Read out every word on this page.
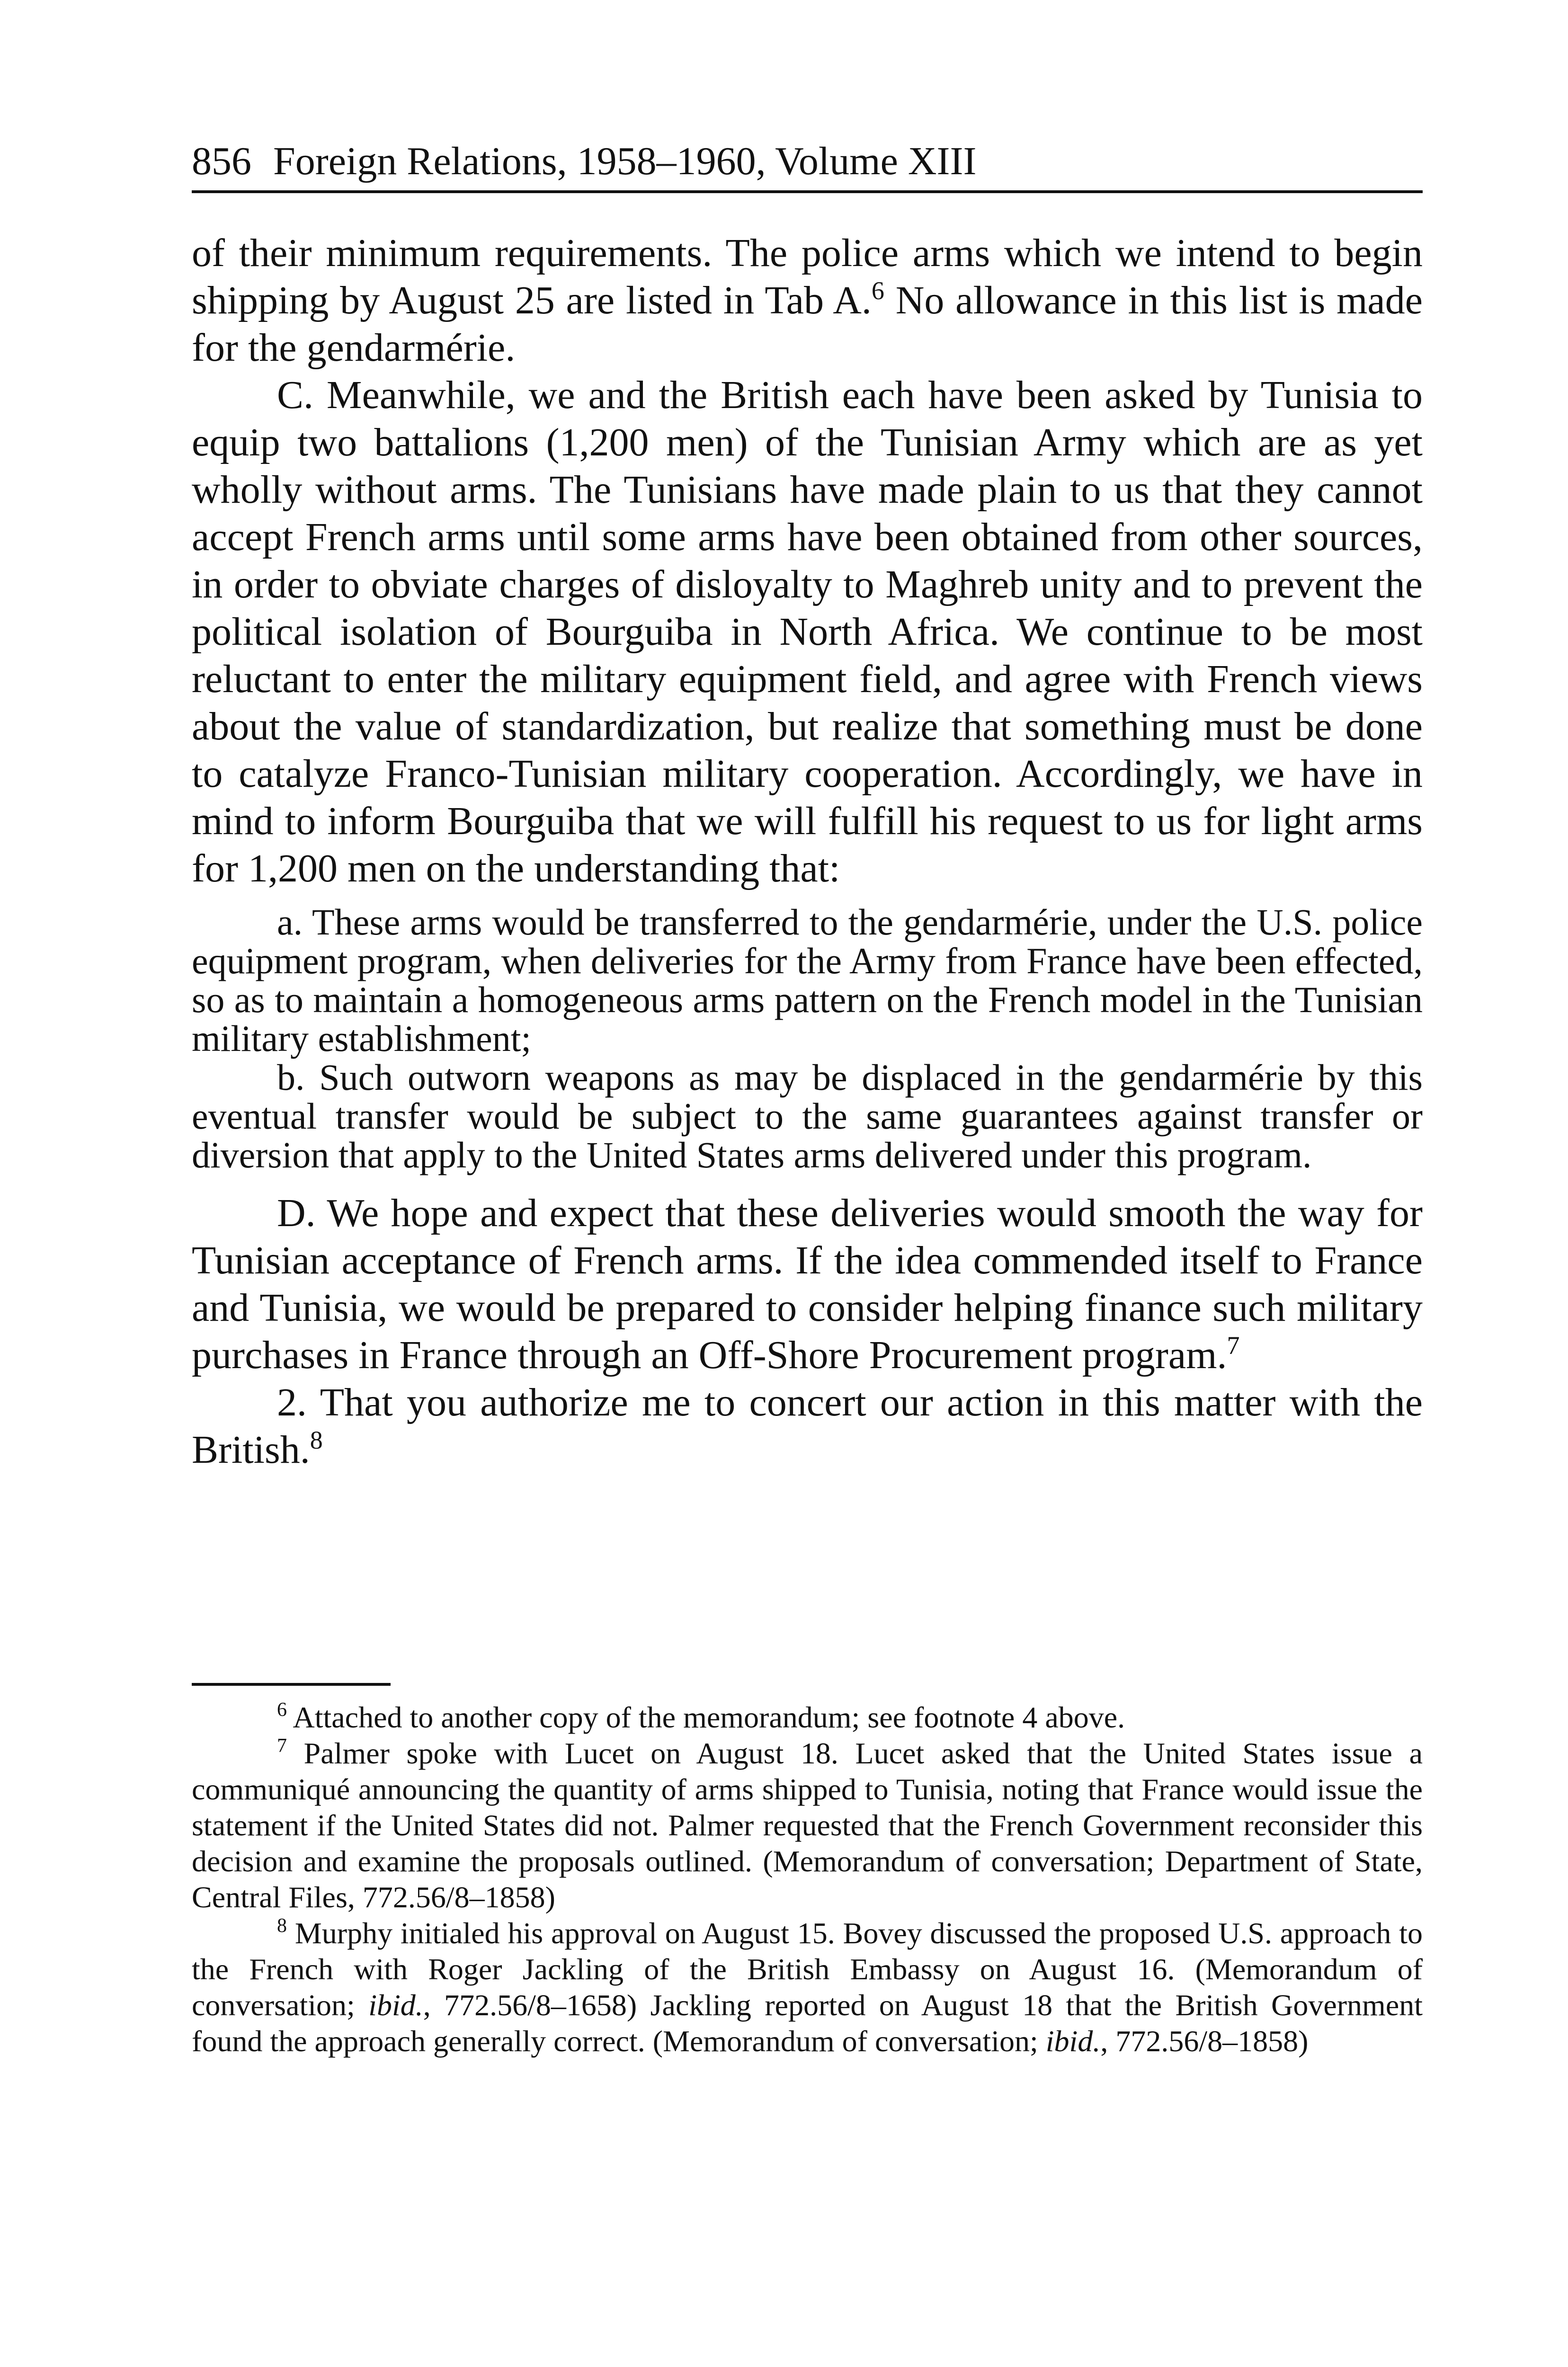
856 Foreign Relations, 1958–1960, Volume XIII

of their minimum requirements. The police arms which we intend to begin shipping by August 25 are listed in Tab A.$^6$ No allowance in this list is made for the gendarmérie.

C. Meanwhile, we and the British each have been asked by Tunisia to equip two battalions (1,200 men) of the Tunisian Army which are as yet wholly without arms. The Tunisians have made plain to us that they cannot accept French arms until some arms have been obtained from other sources, in order to obviate charges of disloyalty to Maghreb unity and to prevent the political isolation of Bourguiba in North Africa. We continue to be most reluctant to enter the military equipment field, and agree with French views about the value of standardization, but realize that something must be done to catalyze Franco-Tunisian military cooperation. Accordingly, we have in mind to inform Bourguiba that we will fulfill his request to us for light arms for 1,200 men on the understanding that:

a. These arms would be transferred to the gendarmérie, under the U.S. police equipment program, when deliveries for the Army from France have been effected, so as to maintain a homogeneous arms pattern on the French model in the Tunisian military establishment;

b. Such outworn weapons as may be displaced in the gendarmérie by this eventual transfer would be subject to the same guarantees against transfer or diversion that apply to the United States arms delivered under this program.

D. We hope and expect that these deliveries would smooth the way for Tunisian acceptance of French arms. If the idea commended itself to France and Tunisia, we would be prepared to consider helping finance such military purchases in France through an Off-Shore Procurement program.$^7$

2. That you authorize me to concert our action in this matter with the British.$^8$

$^6$ Attached to another copy of the memorandum; see footnote 4 above.

$^7$ Palmer spoke with Lucet on August 18. Lucet asked that the United States issue a communiqué announcing the quantity of arms shipped to Tunisia, noting that France would issue the statement if the United States did not. Palmer requested that the French Government reconsider this decision and examine the proposals outlined. (Memorandum of conversation; Department of State, Central Files, 772.56/8–1858)

$^8$ Murphy initialed his approval on August 15. Bovey discussed the proposed U.S. approach to the French with Roger Jackling of the British Embassy on August 16. (Memorandum of conversation; ibid., 772.56/8–1658) Jackling reported on August 18 that the British Government found the approach generally correct. (Memorandum of conversation; ibid., 772.56/8–1858)
